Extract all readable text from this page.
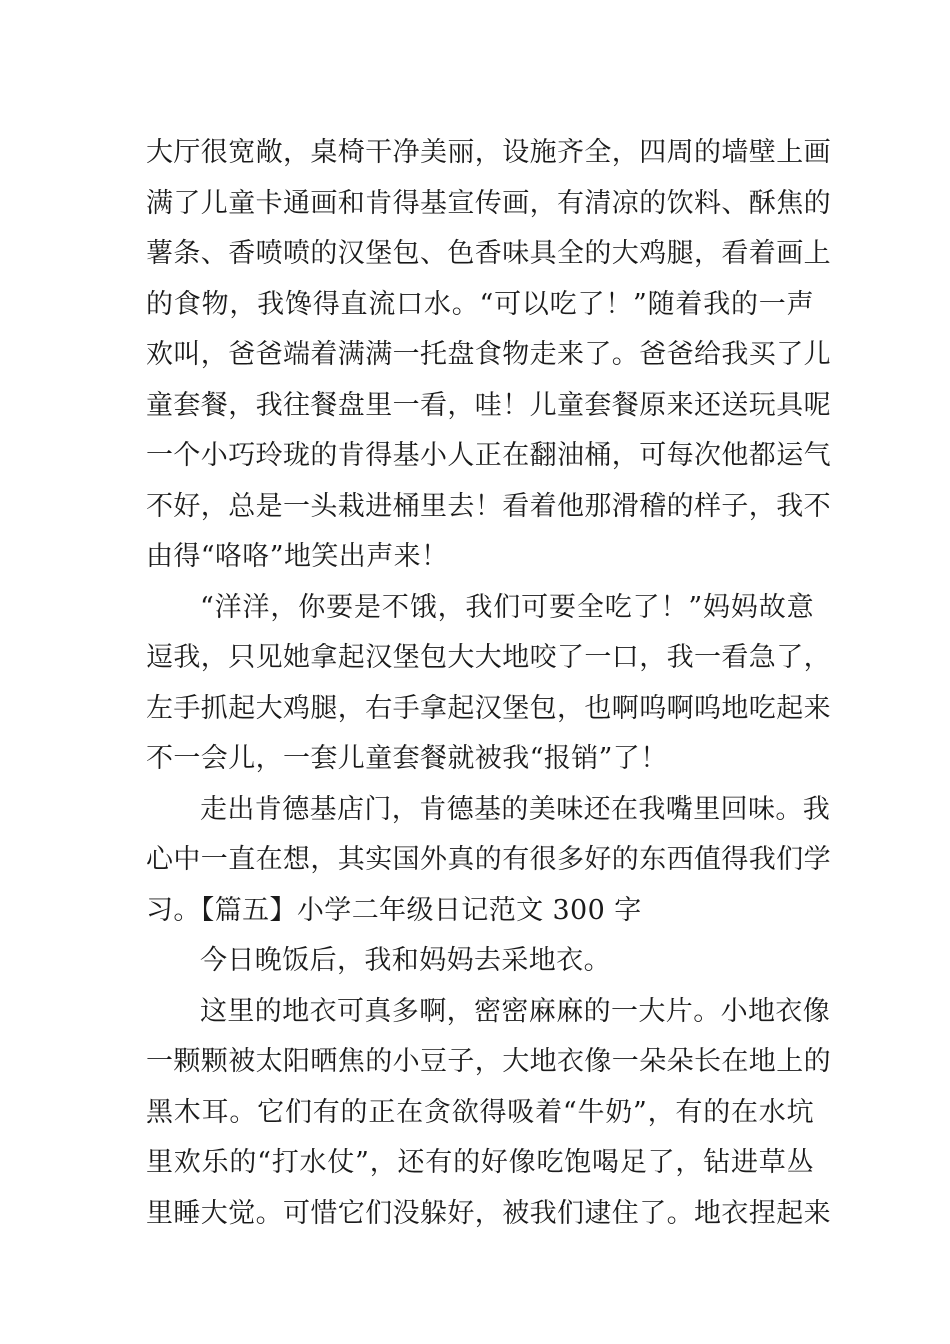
大厅很宽敞，桌椅干净美丽，设施齐全，四周的墙壁上画
满了儿童卡通画和肯得基宣传画，有清凉的饮料、酥焦的
薯条、香喷喷的汉堡包、色香味具全的大鸡腿，看着画上
的食物，我馋得直流口水。“可以吃了！”随着我的一声
欢叫，爸爸端着满满一托盘食物走来了。爸爸给我买了儿
童套餐，我往餐盘里一看，哇！儿童套餐原来还送玩具呢
一个小巧玲珑的肯得基小人正在翻油桶，可每次他都运气
不好，总是一头栽进桶里去！看着他那滑稽的样子，我不
由得“咯咯”地笑出声来！
“洋洋，你要是不饿，我们可要全吃了！”妈妈故意
逗我，只见她拿起汉堡包大大地咬了一口，我一看急了，
左手抓起大鸡腿，右手拿起汉堡包，也啊呜啊呜地吃起来
不一会儿，一套儿童套餐就被我“报销”了！
走出肯德基店门，肯德基的美味还在我嘴里回味。我
心中一直在想，其实国外真的有很多好的东西值得我们学
习。【篇五】小学二年级日记范文 300 字
今日晚饭后，我和妈妈去采地衣。
这里的地衣可真多啊，密密麻麻的一大片。小地衣像
一颗颗被太阳晒焦的小豆子，大地衣像一朵朵长在地上的
黑木耳。它们有的正在贪欲得吸着“牛奶”，有的在水坑
里欢乐的“打水仗”，还有的好像吃饱喝足了，钻进草丛
里睡大觉。可惜它们没躲好，被我们逮住了。地衣捏起来
